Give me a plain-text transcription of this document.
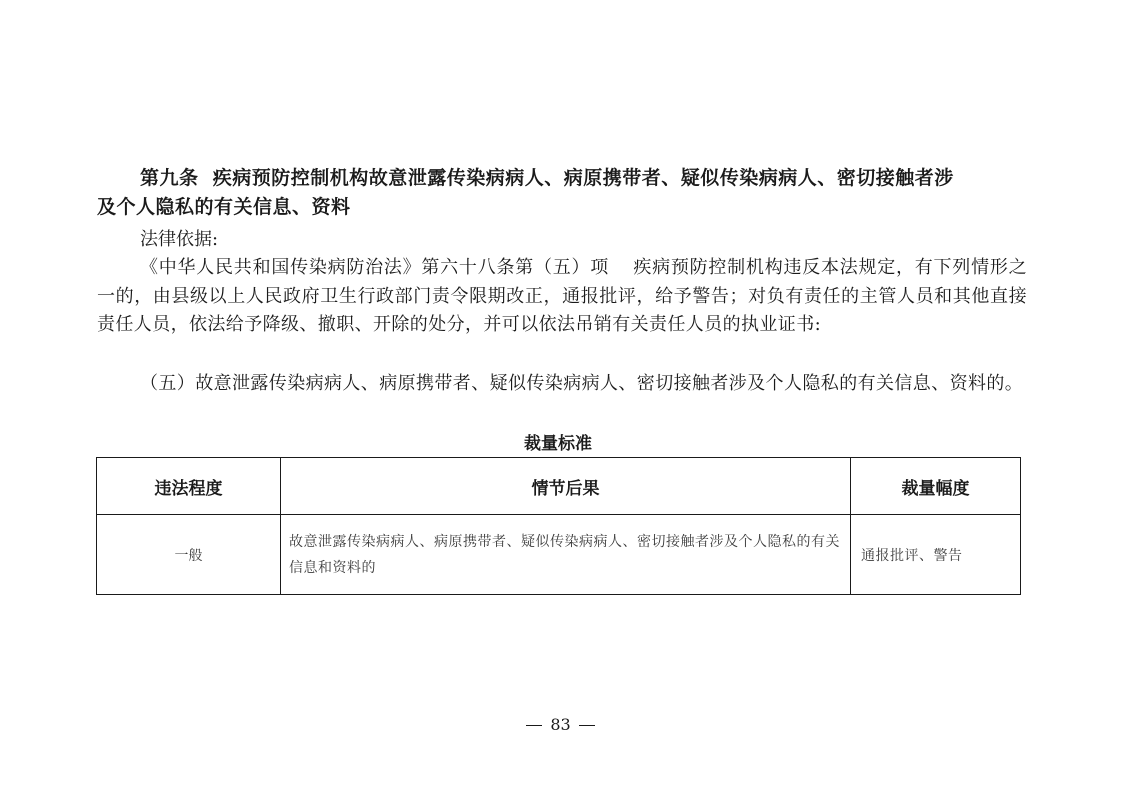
第九条 疾病预防控制机构故意泄露传染病病人、病原携带者、疑似传染病病人、密切接触者涉
及个人隐私的有关信息、资料
法律依据:
《中华人民共和国传染病防治法》第六十八条第（五）项 疾病预防控制机构违反本法规定，有下列情形之一的，由县级以上人民政府卫生行政部门责令限期改正，通报批评，给予警告；对负有责任的主管人员和其他直接责任人员，依法给予降级、撤职、开除的处分，并可以依法吊销有关责任人员的执业证书:
（五）故意泄露传染病病人、病原携带者、疑似传染病病人、密切接触者涉及个人隐私的有关信息、资料的。
裁量标准
违法程度	情节后果	裁量幅度
一般	故意泄露传染病病人、病原携带者、疑似传染病病人、密切接触者涉及个人隐私的有关信息和资料的	通报批评、警告
83
